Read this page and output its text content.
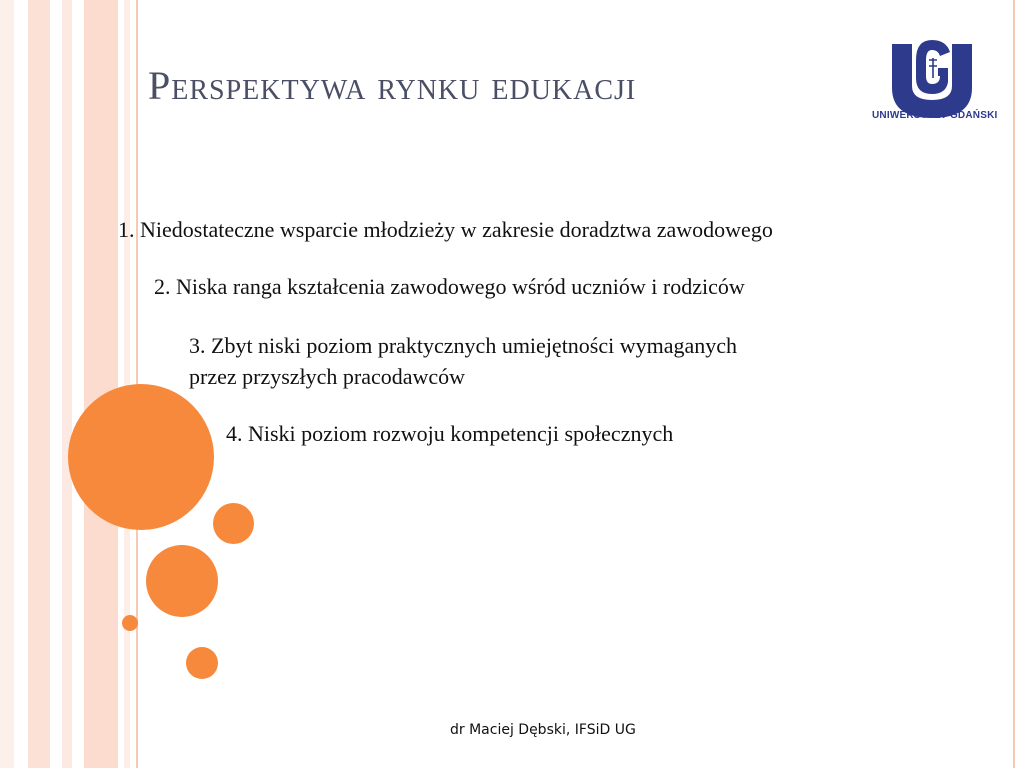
Perspektywa rynku edukacji
UNIWERSYTET GDAŃSKI
1. Niedostateczne wsparcie młodzieży w zakresie doradztwa zawodowego
2. Niska ranga kształcenia zawodowego wśród uczniów i rodziców
3. Zbyt niski poziom praktycznych umiejętności wymaganych
przez przyszłych pracodawców
4. Niski poziom rozwoju kompetencji społecznych
dr Maciej Dębski, IFSiD UG
